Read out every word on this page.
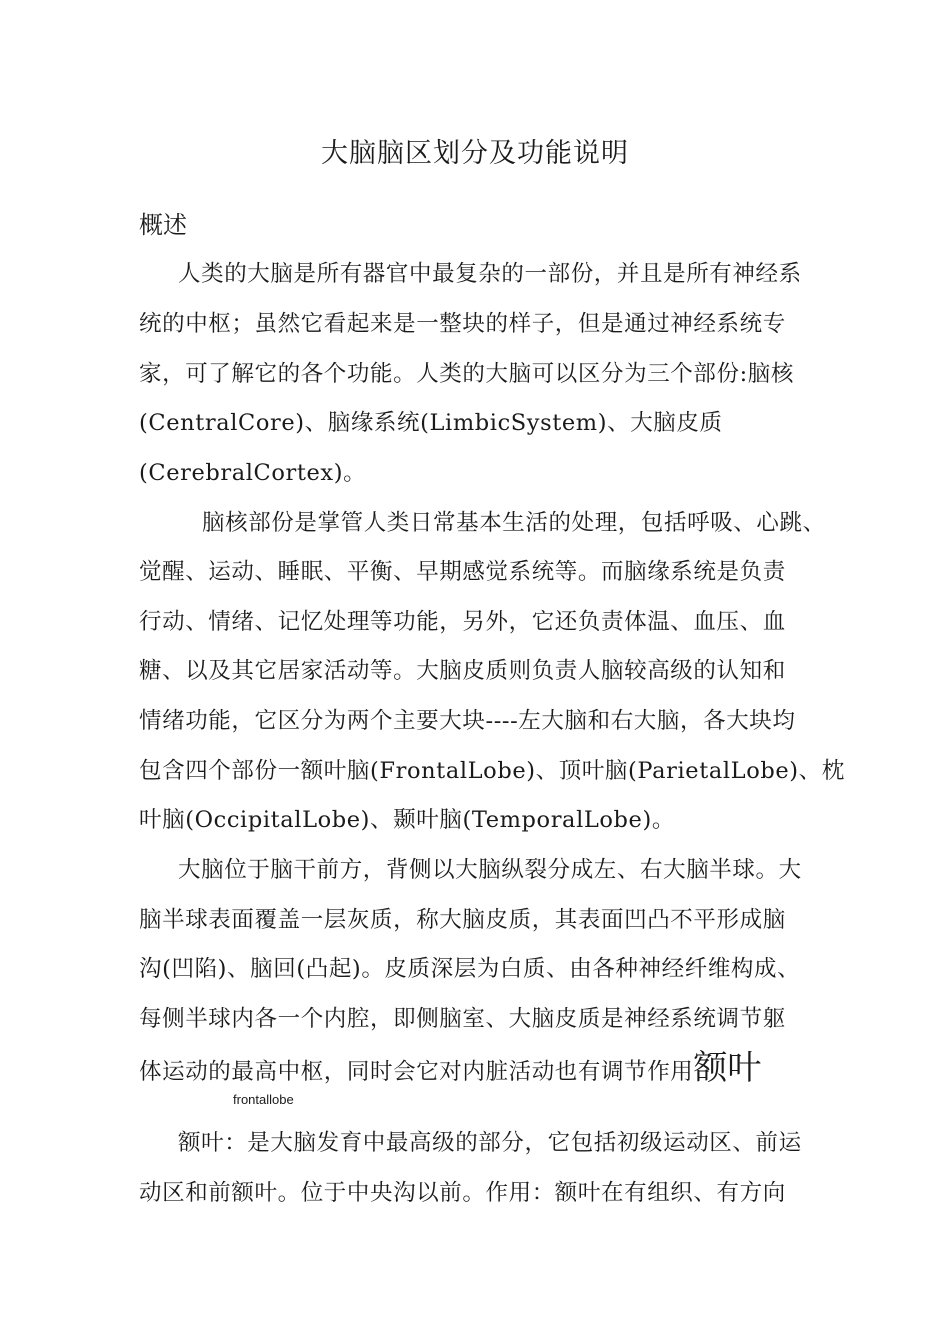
大脑脑区划分及功能说明
概述
人类的大脑是所有器官中最复杂的一部份，并且是所有神经系
统的中枢；虽然它看起来是一整块的样子，但是通过神经系统专
家，可了解它的各个功能。人类的大脑可以区分为三个部份:脑核
(CentralCore)、脑缘系统(LimbicSystem)、大脑皮质
(CerebralCortex)。
脑核部份是掌管人类日常基本生活的处理，包括呼吸、心跳、
觉醒、运动、睡眠、平衡、早期感觉系统等。而脑缘系统是负责
行动、情绪、记忆处理等功能，另外，它还负责体温、血压、血
糖、以及其它居家活动等。大脑皮质则负责人脑较高级的认知和
情绪功能，它区分为两个主要大块----左大脑和右大脑，各大块均
包含四个部份一额叶脑(FrontalLobe)、顶叶脑(ParietalLobe)、枕
叶脑(OccipitalLobe)、颞叶脑(TemporalLobe)。
大脑位于脑干前方，背侧以大脑纵裂分成左、右大脑半球。大
脑半球表面覆盖一层灰质，称大脑皮质，其表面凹凸不平形成脑
沟(凹陷)、脑回(凸起)。皮质深层为白质、由各种神经纤维构成、
每侧半球内各一个内腔，即侧脑室、大脑皮质是神经系统调节躯
体运动的最高中枢，同时会它对内脏活动也有调节作用额叶
frontallobe
额叶：是大脑发育中最高级的部分，它包括初级运动区、前运
动区和前额叶。位于中央沟以前。作用：额叶在有组织、有方向
